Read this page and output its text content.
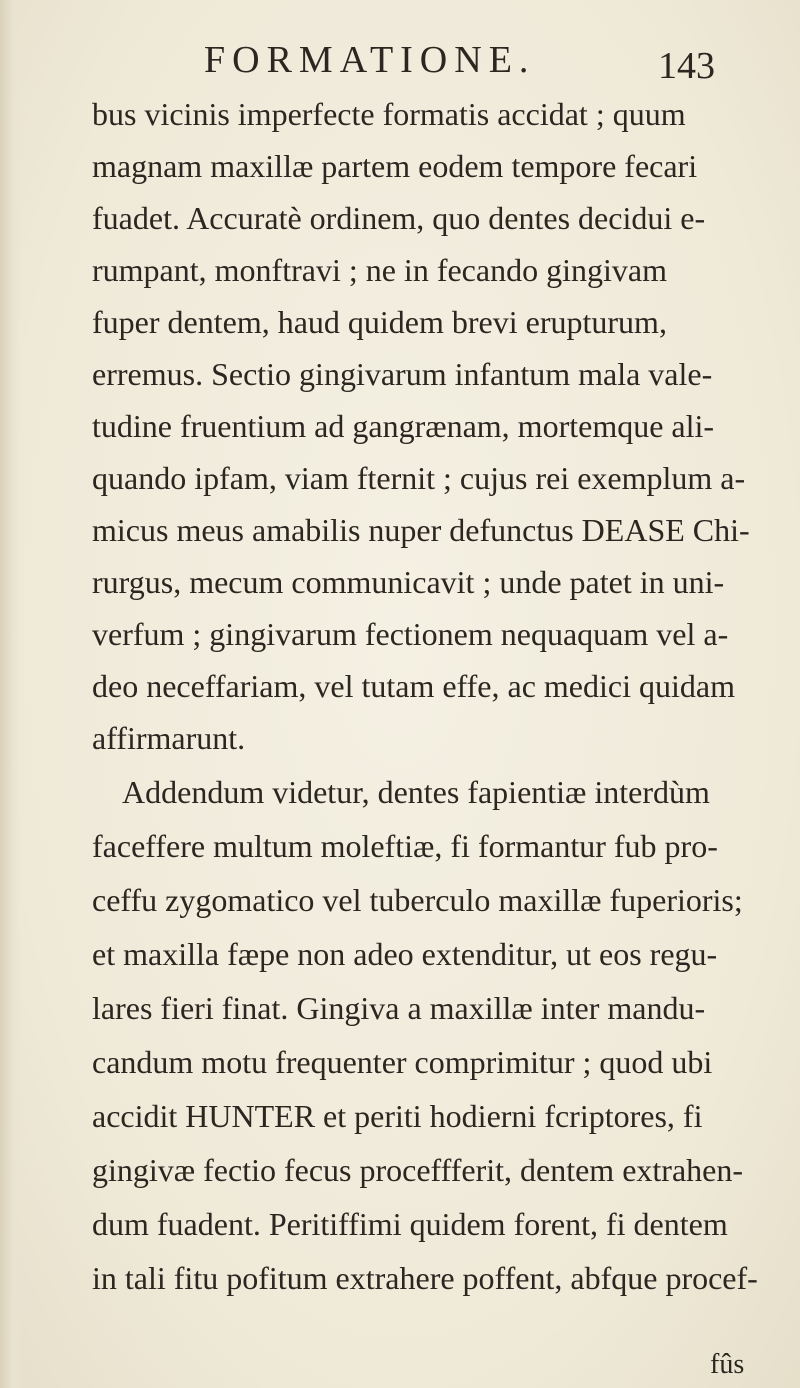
FORMATIONE.	143
bus vicinis imperfecte formatis accidat ; quum
magnam maxillæ partem eodem tempore fecari
fuadet. Accuratè ordinem, quo dentes decidui e-
rumpant, monftravi ; ne in fecando gingivam
fuper dentem, haud quidem brevi erupturum,
erremus. Sectio gingivarum infantum mala vale-
tudine fruentium ad gangrænam, mortemque ali-
quando ipfam, viam fternit ; cujus rei exemplum a-
micus meus amabilis nuper defunctus DEASE Chi-
rurgus, mecum communicavit ; unde patet in uni-
verfum ; gingivarum fectionem nequaquam vel a-
deo neceffariam, vel tutam effe, ac medici quidam
affirmarunt.
Addendum videtur, dentes fapientiæ interdùm
faceffere multum moleftiæ, fi formantur fub pro-
ceffu zygomatico vel tuberculo maxillæ fuperioris;
et maxilla fæpe non adeo extenditur, ut eos regu-
lares fieri finat. Gingiva a maxillæ inter mandu-
candum motu frequenter comprimitur ; quod ubi
accidit HUNTER et periti hodierni fcriptores, fi
gingivæ fectio fecus proceffferit, dentem extrahen-
dum fuadent. Peritiffimi quidem forent, fi dentem
in tali fitu pofitum extrahere poffent, abfque procef-
fûs
